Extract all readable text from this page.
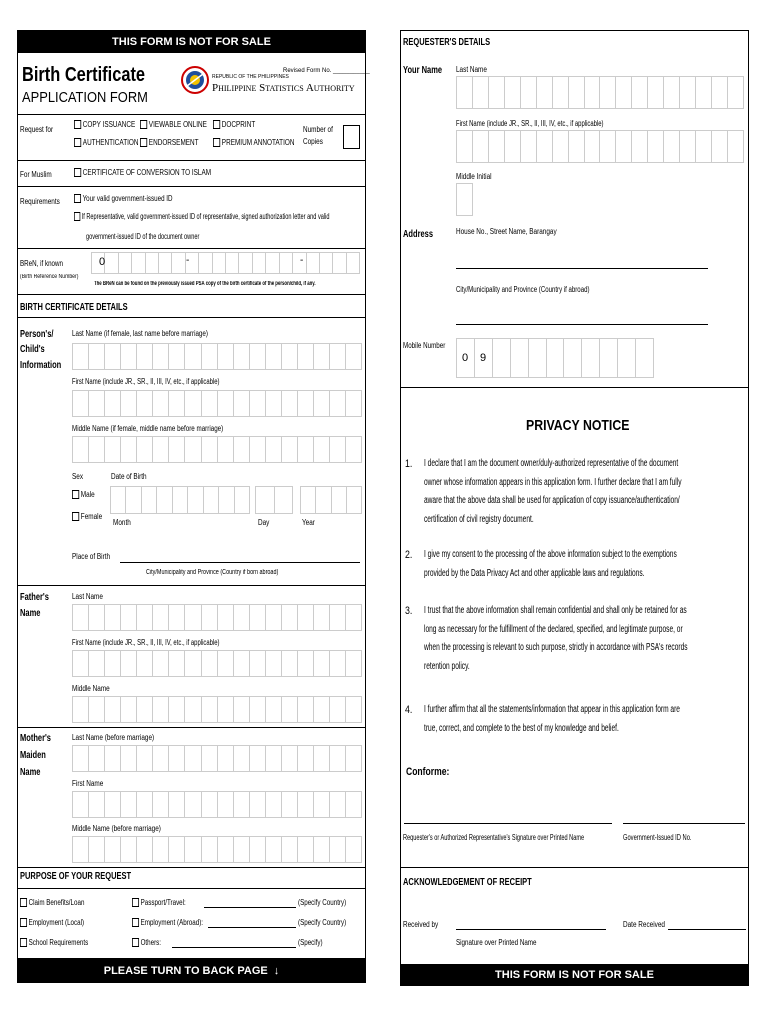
THIS FORM IS NOT FOR SALE
Birth Certificate
APPLICATION FORM
Revised Form No. ___________
REPUBLIC OF THE PHILIPPINES
Philippine Statistics Authority
Request for
COPY ISSUANCE	VIEWABLE ONLINE	DOCPRINT
AUTHENTICATION	ENDORSEMENT	PREMIUM ANNOTATION
Number of
Copies
For Muslim	CERTIFICATE OF CONVERSION TO ISLAM
Requirements	Your valid government-issued ID
If Representative, valid government-issued ID of representative, signed authorization letter and valid
government-issued ID of the document owner
BReN, if known
(Birth Reference Number)
0	-	-
The BReN can be found on the previously issued PSA copy of the birth certificate of the person/child, if any.
BIRTH CERTIFICATE DETAILS
Person's/
Child's
Information
Last Name (if female, last name before marriage)
First Name (include JR., SR., II, III, IV, etc., if applicable)
Middle Name (if female, middle name before marriage)
Sex	Date of Birth
Male
Female
Month	Day	Year
Place of Birth
City/Municipality and Province (Country if born abroad)
Father's
Name
Last Name
First Name (include JR., SR., II, III, IV, etc., if applicable)
Middle Name
Mother's
Maiden
Name
Last Name (before marriage)
First Name
Middle Name (before marriage)
PURPOSE OF YOUR REQUEST
Claim Benefits/Loan
Employment (Local)
School Requirements
Passport/Travel:
Employment (Abroad):
Others:
(Specify Country)
(Specify Country)
(Specify)
PLEASE TURN TO BACK PAGE ↓
REQUESTER'S DETAILS
Your Name Last Name
First Name (include JR., SR., II, III, IV, etc., if applicable)
Middle Initial
Address	House No., Street Name, Barangay
City/Municipality and Province (Country if abroad)
Mobile Number
0 9
PRIVACY NOTICE
1. I declare that I am the document owner/duly-authorized representative of the document
owner whose information appears in this application form. I further declare that I am fully
aware that the above data shall be used for application of copy issuance/authentication/
certification of civil registry document.
2. I give my consent to the processing of the above information subject to the exemptions
provided by the Data Privacy Act and other applicable laws and regulations.
3. I trust that the above information shall remain confidential and shall only be retained for as
long as necessary for the fulfillment of the declared, specified, and legitimate purpose, or
when the processing is relevant to such purpose, strictly in accordance with PSA's records
retention policy.
4. I further affirm that all the statements/information that appear in this application form are
true, correct, and complete to the best of my knowledge and belief.
Conforme:
Requester's or Authorized Representative's Signature over Printed Name	Government-Issued ID No.
ACKNOWLEDGEMENT OF RECEIPT
Received by	Date Received
Signature over Printed Name
THIS FORM IS NOT FOR SALE
